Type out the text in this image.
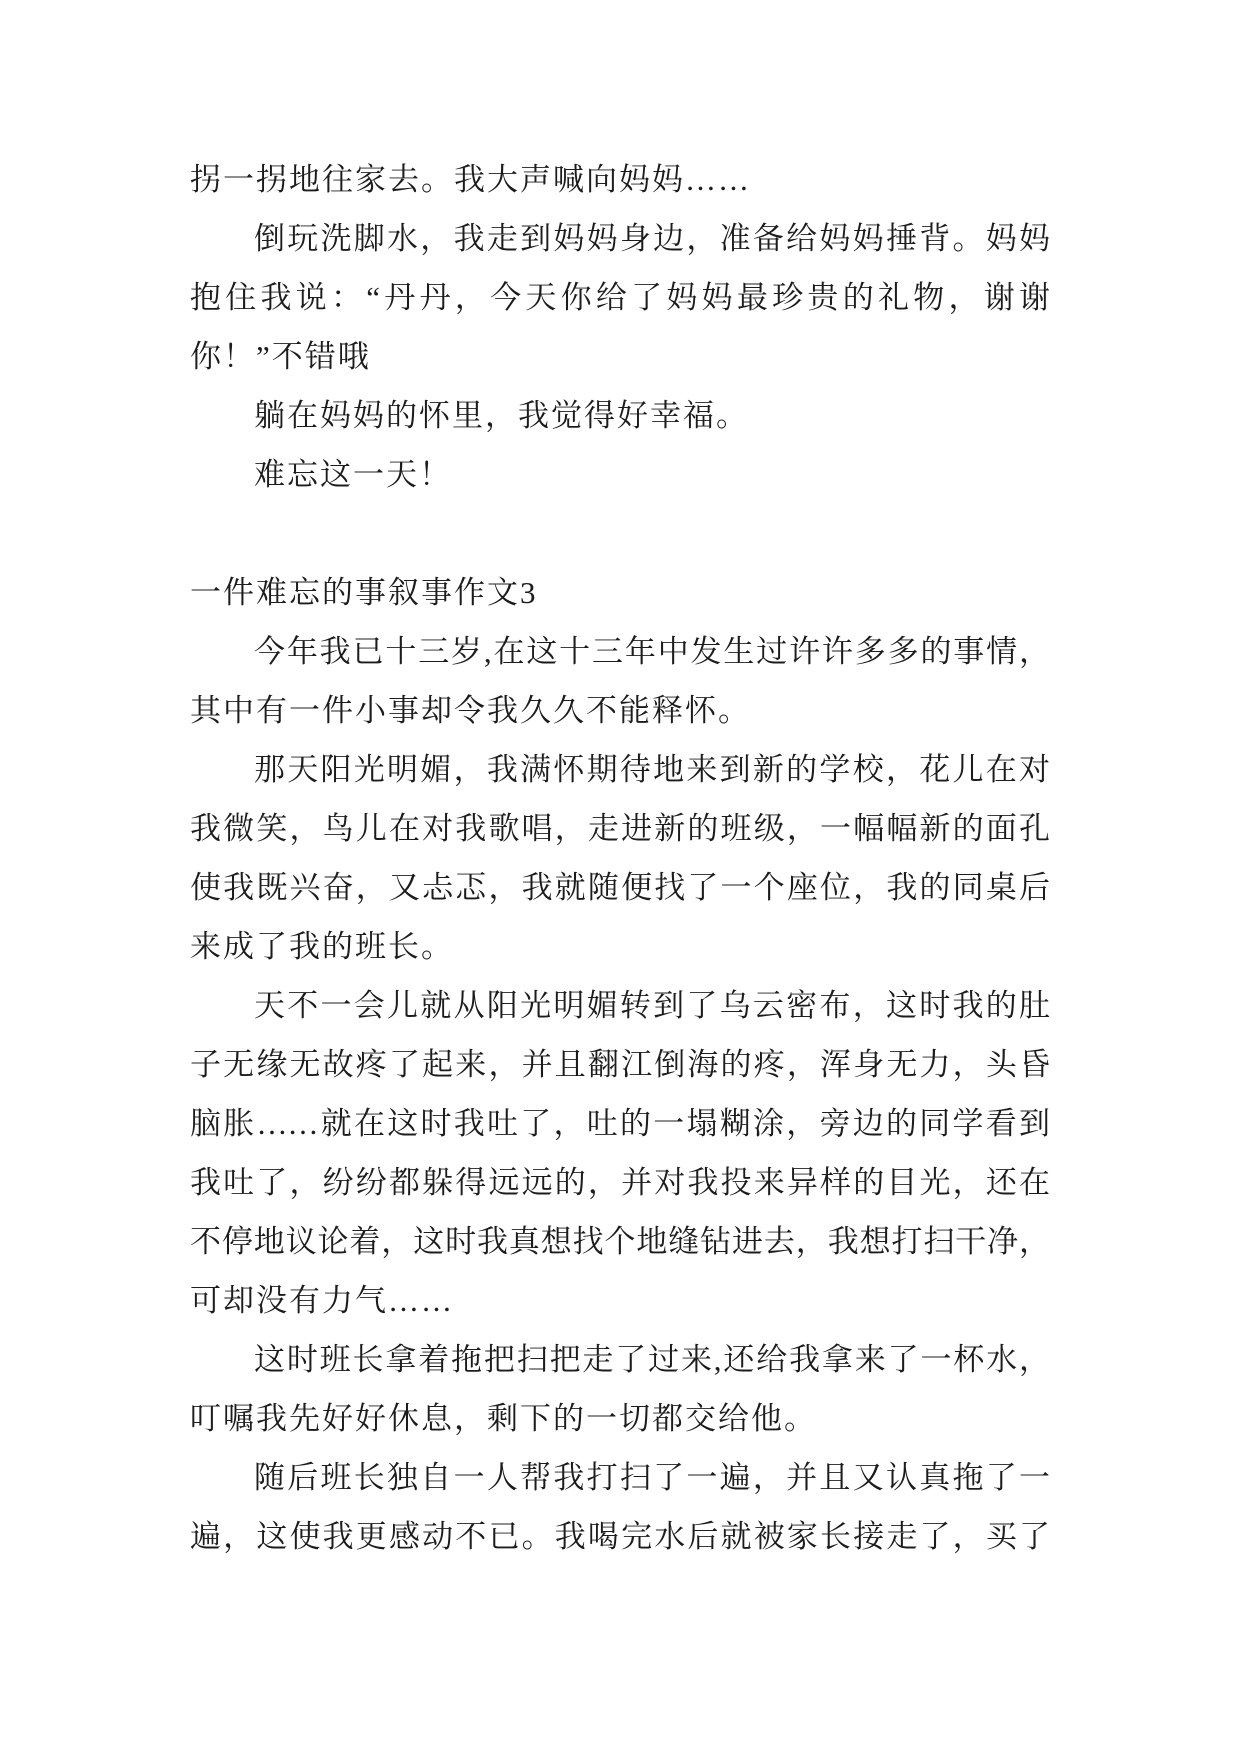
拐一拐地往家去。我大声喊向妈妈……
倒玩洗脚水，我走到妈妈身边，准备给妈妈捶背。妈妈
抱住我说：“丹丹，今天你给了妈妈最珍贵的礼物，谢谢
你！”不错哦
躺在妈妈的怀里，我觉得好幸福。
难忘这一天！
一件难忘的事叙事作文3
今年我已十三岁,在这十三年中发生过许许多多的事情，
其中有一件小事却令我久久不能释怀。
那天阳光明媚，我满怀期待地来到新的学校，花儿在对
我微笑，鸟儿在对我歌唱，走进新的班级，一幅幅新的面孔
使我既兴奋，又忐忑，我就随便找了一个座位，我的同桌后
来成了我的班长。
天不一会儿就从阳光明媚转到了乌云密布，这时我的肚
子无缘无故疼了起来，并且翻江倒海的疼，浑身无力，头昏
脑胀……就在这时我吐了，吐的一塌糊涂，旁边的同学看到
我吐了，纷纷都躲得远远的，并对我投来异样的目光，还在
不停地议论着，这时我真想找个地缝钻进去，我想打扫干净，
可却没有力气……
这时班长拿着拖把扫把走了过来,还给我拿来了一杯水，
叮嘱我先好好休息，剩下的一切都交给他。
随后班长独自一人帮我打扫了一遍，并且又认真拖了一
遍，这使我更感动不已。我喝完水后就被家长接走了，买了
